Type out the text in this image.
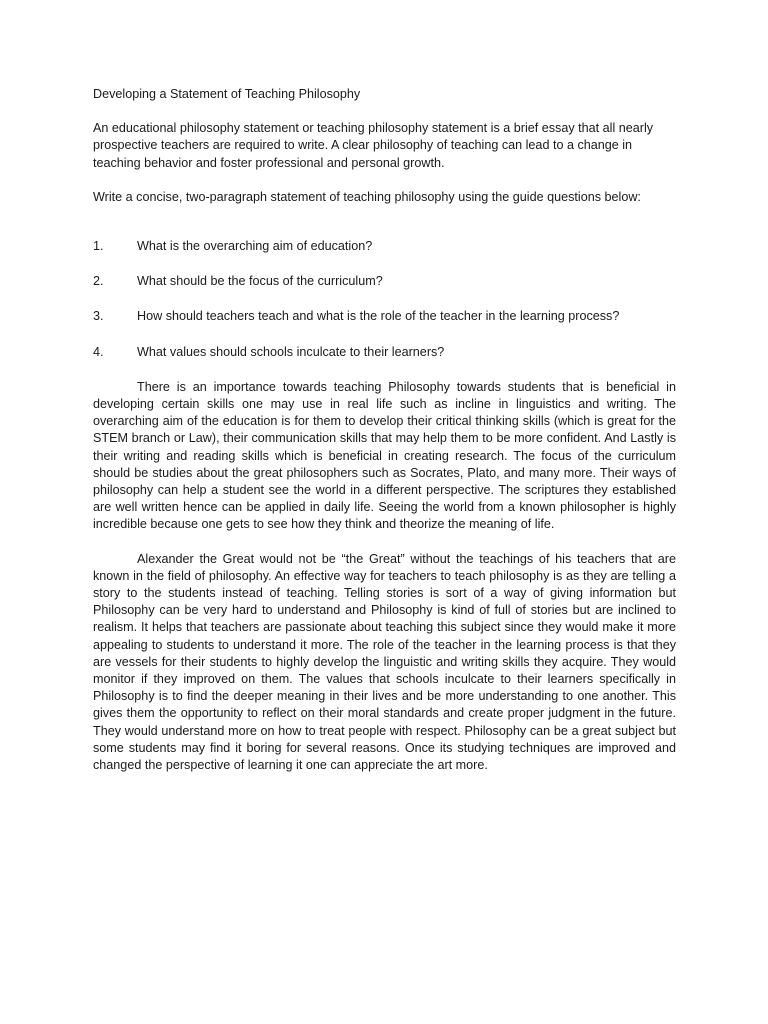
Developing a Statement of Teaching Philosophy
An educational philosophy statement or teaching philosophy statement is a brief essay that all nearly prospective teachers are required to write. A clear philosophy of teaching can lead to a change in teaching behavior and foster professional and personal growth.
Write a concise, two-paragraph statement of teaching philosophy using the guide questions below:
1.	What is the overarching aim of education?
2.	What should be the focus of the curriculum?
3.	How should teachers teach and what is the role of the teacher in the learning process?
4.	What values should schools inculcate to their learners?
There is an importance towards teaching Philosophy towards students that is beneficial in developing certain skills one may use in real life such as incline in linguistics and writing. The overarching aim of the education is for them to develop their critical thinking skills (which is great for the STEM branch or Law), their communication skills that may help them to be more confident. And Lastly is their writing and reading skills which is beneficial in creating research. The focus of the curriculum should be studies about the great philosophers such as Socrates, Plato, and many more. Their ways of philosophy can help a student see the world in a different perspective. The scriptures they established are well written hence can be applied in daily life. Seeing the world from a known philosopher is highly incredible because one gets to see how they think and theorize the meaning of life.
Alexander the Great would not be “the Great” without the teachings of his teachers that are known in the field of philosophy. An effective way for teachers to teach philosophy is as they are telling a story to the students instead of teaching. Telling stories is sort of a way of giving information but Philosophy can be very hard to understand and Philosophy is kind of full of stories but are inclined to realism. It helps that teachers are passionate about teaching this subject since they would make it more appealing to students to understand it more. The role of the teacher in the learning process is that they are vessels for their students to highly develop the linguistic and writing skills they acquire. They would monitor if they improved on them. The values that schools inculcate to their learners specifically in Philosophy is to find the deeper meaning in their lives and be more understanding to one another. This gives them the opportunity to reflect on their moral standards and create proper judgment in the future. They would understand more on how to treat people with respect. Philosophy can be a great subject but some students may find it boring for several reasons. Once its studying techniques are improved and changed the perspective of learning it one can appreciate the art more.
